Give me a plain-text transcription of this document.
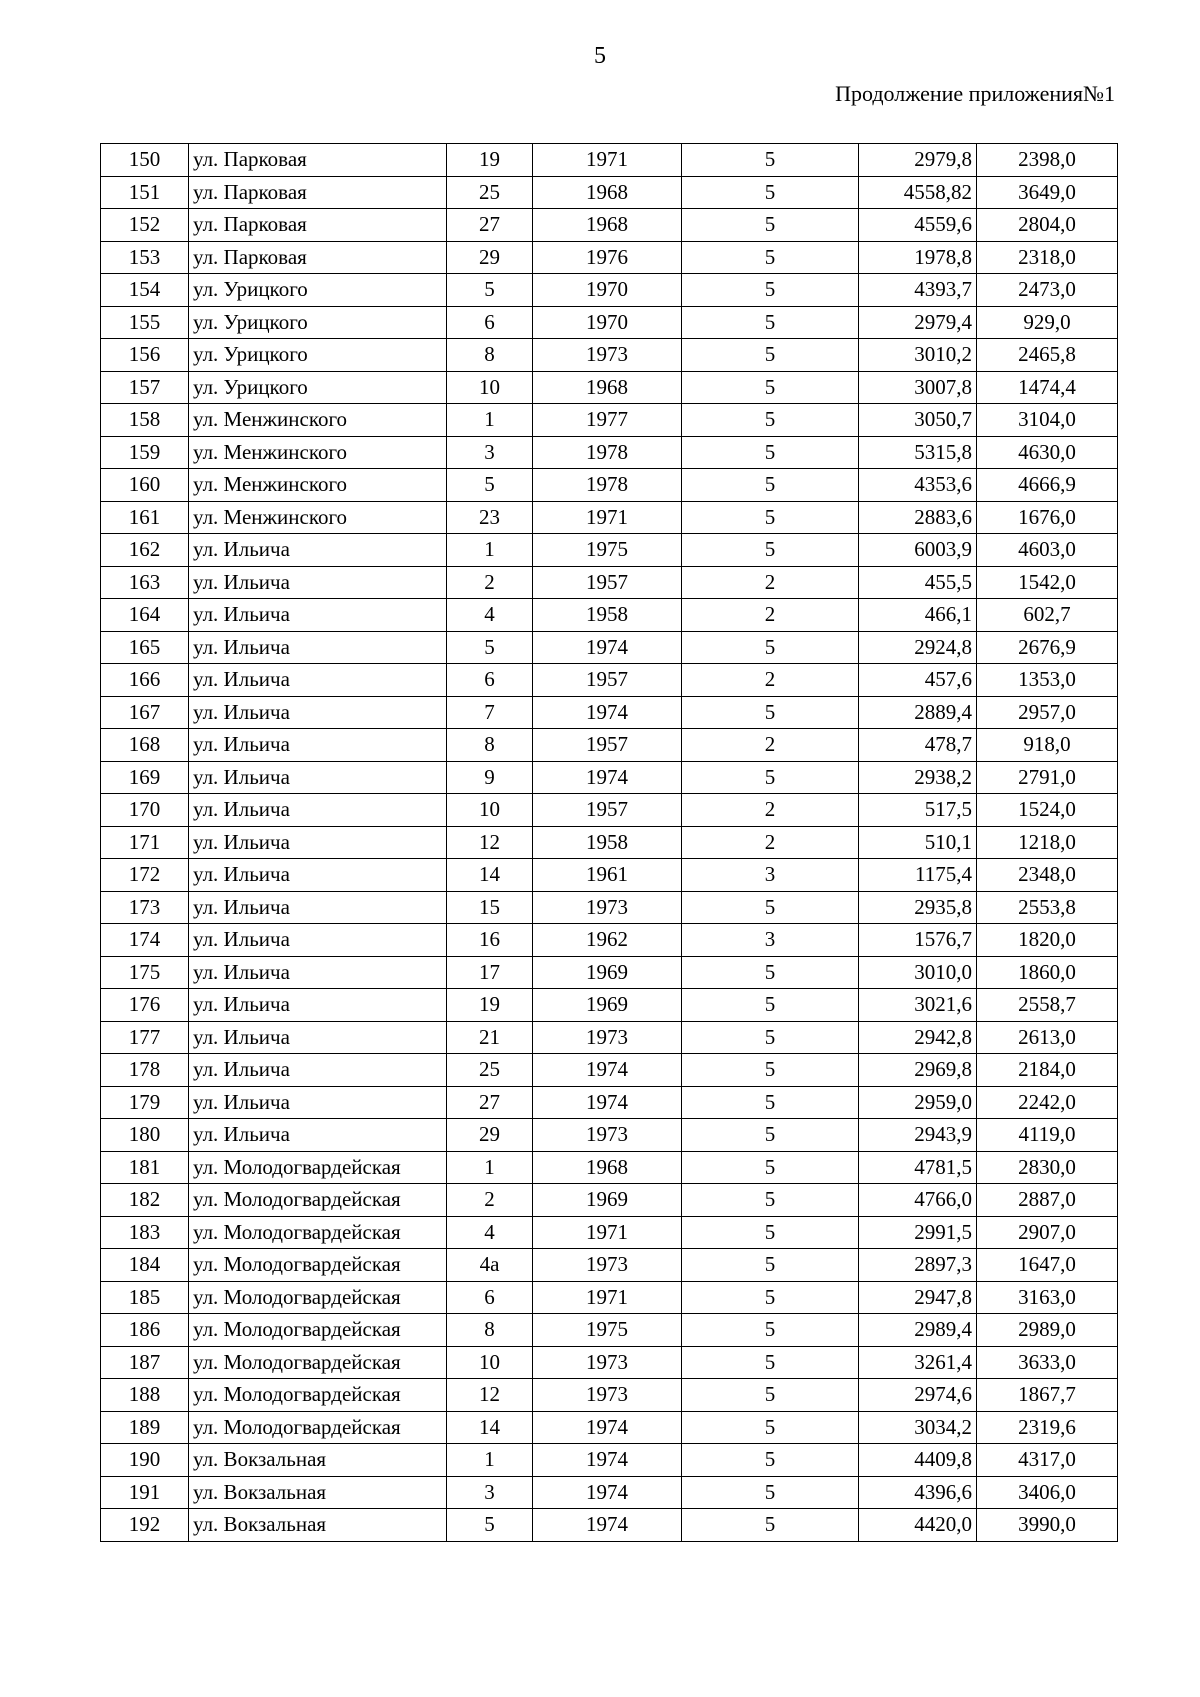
5
Продолжение приложения№1
150	ул. Парковая	19	1971	5	2979,8	2398,0
151	ул. Парковая	25	1968	5	4558,82	3649,0
152	ул. Парковая	27	1968	5	4559,6	2804,0
153	ул. Парковая	29	1976	5	1978,8	2318,0
154	ул. Урицкого	5	1970	5	4393,7	2473,0
155	ул. Урицкого	6	1970	5	2979,4	929,0
156	ул. Урицкого	8	1973	5	3010,2	2465,8
157	ул. Урицкого	10	1968	5	3007,8	1474,4
158	ул. Менжинского	1	1977	5	3050,7	3104,0
159	ул. Менжинского	3	1978	5	5315,8	4630,0
160	ул. Менжинского	5	1978	5	4353,6	4666,9
161	ул. Менжинского	23	1971	5	2883,6	1676,0
162	ул. Ильича	1	1975	5	6003,9	4603,0
163	ул. Ильича	2	1957	2	455,5	1542,0
164	ул. Ильича	4	1958	2	466,1	602,7
165	ул. Ильича	5	1974	5	2924,8	2676,9
166	ул. Ильича	6	1957	2	457,6	1353,0
167	ул. Ильича	7	1974	5	2889,4	2957,0
168	ул. Ильича	8	1957	2	478,7	918,0
169	ул. Ильича	9	1974	5	2938,2	2791,0
170	ул. Ильича	10	1957	2	517,5	1524,0
171	ул. Ильича	12	1958	2	510,1	1218,0
172	ул. Ильича	14	1961	3	1175,4	2348,0
173	ул. Ильича	15	1973	5	2935,8	2553,8
174	ул. Ильича	16	1962	3	1576,7	1820,0
175	ул. Ильича	17	1969	5	3010,0	1860,0
176	ул. Ильича	19	1969	5	3021,6	2558,7
177	ул. Ильича	21	1973	5	2942,8	2613,0
178	ул. Ильича	25	1974	5	2969,8	2184,0
179	ул. Ильича	27	1974	5	2959,0	2242,0
180	ул. Ильича	29	1973	5	2943,9	4119,0
181	ул. Молодогвардейская	1	1968	5	4781,5	2830,0
182	ул. Молодогвардейская	2	1969	5	4766,0	2887,0
183	ул. Молодогвардейская	4	1971	5	2991,5	2907,0
184	ул. Молодогвардейская	4а	1973	5	2897,3	1647,0
185	ул. Молодогвардейская	6	1971	5	2947,8	3163,0
186	ул. Молодогвардейская	8	1975	5	2989,4	2989,0
187	ул. Молодогвардейская	10	1973	5	3261,4	3633,0
188	ул. Молодогвардейская	12	1973	5	2974,6	1867,7
189	ул. Молодогвардейская	14	1974	5	3034,2	2319,6
190	ул. Вокзальная	1	1974	5	4409,8	4317,0
191	ул. Вокзальная	3	1974	5	4396,6	3406,0
192	ул. Вокзальная	5	1974	5	4420,0	3990,0
